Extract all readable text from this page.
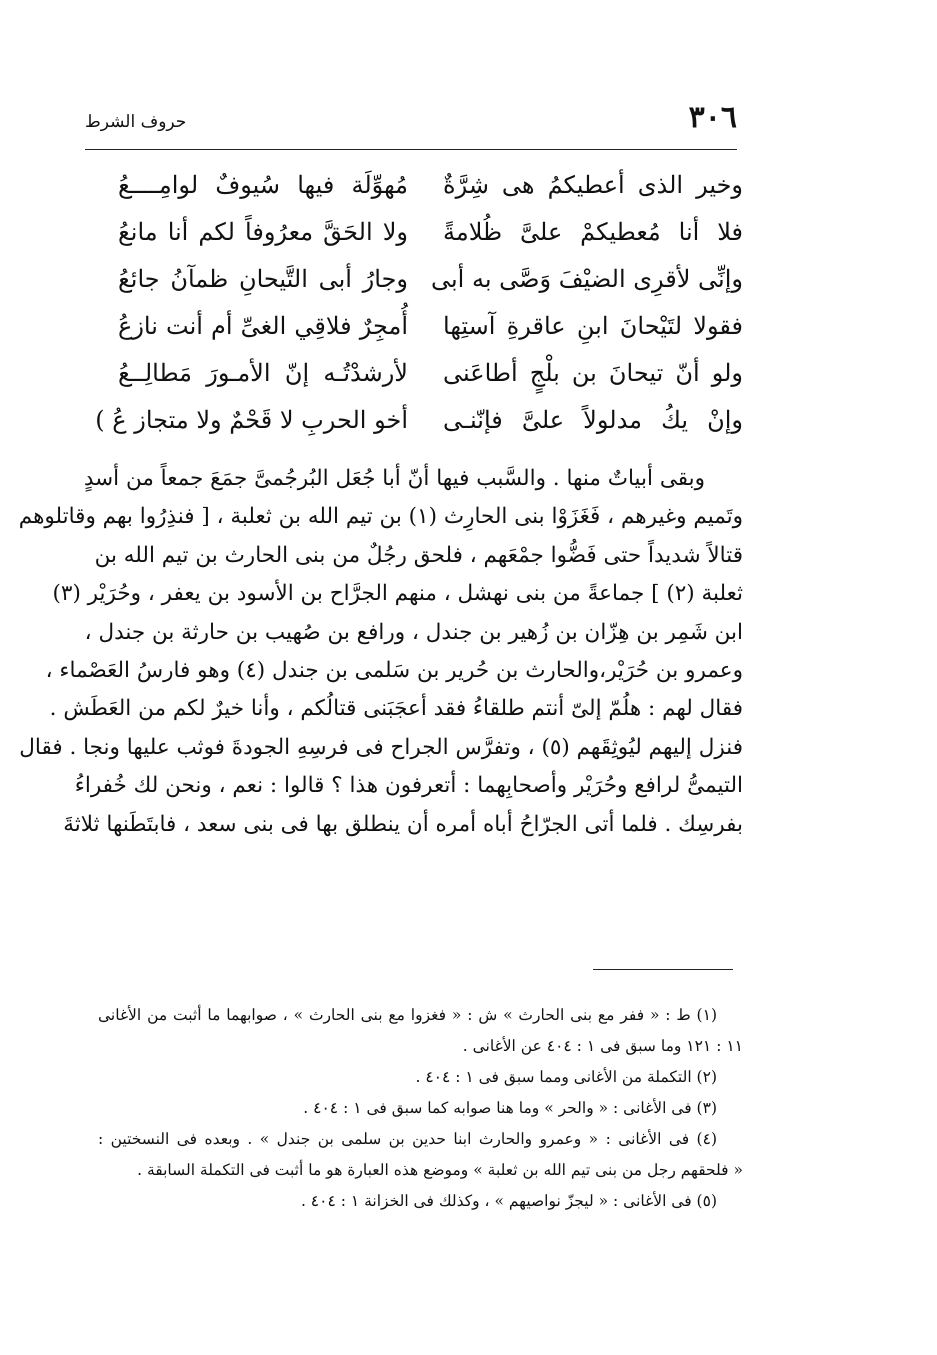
٣٠٦
حروف الشرط
وخير الذى أعطيكمُ هى شِرَّةٌ
مُهوِّلَة فيها سُيوفٌ لوامِــــعُ
فلا أنا مُعطيكمْ علىَّ ظُلامةً
ولا الحَقَّ معرُوفاً لكم أنا مانعُ
وإنِّى لأقرِى الضيْفَ وَصَّى به أبى
وجارُ أبى التَّيحانِ ظمآنُ جائعُ
فقولا لتَيْحانَ ابنِ عاقرةِ آستِها
أُمجِرٌ فلاقِي الغىِّ أم أنت نازعُ
ولو أنّ تيحانَ بن بلْجٍ أطاعَنى
لأرشدْتُـه إنّ الأمـورَ مَطالِــعُ
وإنْ يكُ مدلولاً علىَّ فإنّنـى
أخو الحربِ لا قَحْمٌ ولا متجاز عُ )
وبقى أبياتٌ منها . والسَّبب فيها أنّ أبا جُعَل البُرجُمىَّ جمَعَ جمعاً من أسدٍ
وتَميم وغيرهم ، فَغَزَوْا بنى الحارِث (١) بن تيم الله بن ثعلبة ، [ فنذِرُوا بهم وقاتلوهم
قتالاً شديداً حتى فَضُّوا جمْعَهم ، فلحق رجُلٌ من بنى الحارث بن تيم الله بن
ثعلبة (٢) ] جماعةً من بنى نهشل ، منهم الجرَّاح بن الأسود بن يعفر ، وحُرَيْر (٣)
ابن شَمِر بن هِزّان بن زُهير بن جندل ، ورافع بن صُهيب بن حارثة بن جندل ،
وعمرو بن حُرَيْر،والحارث بن حُرير بن سَلمى بن جندل (٤) وهو فارسُ العَصْماء ،
فقال لهم : هلُمّ إلىّ أنتم طلقاءُ فقد أعجَبَنى قتالُكم ، وأنا خيرٌ لكم من العَطَش .
فنزل إليهم ليُوثِقَهم (٥) ، وتفرَّس الجراح فى فرسِهِ الجودةَ فوثب عليها ونجا . فقال
التيمىُّ لرافع وحُرَيْر وأصحابِهما : أتعرفون هذا ؟ قالوا : نعم ، ونحن لك خُفراءُ
بفرسِك . فلما أتى الجرّاحُ أباه أمره أن ينطلق بها فى بنى سعد ، فابتَطَنها ثلاثةَ
(١) ط : « ففر مع بنى الحارث » ش : « فغزوا مع بنى الحارث » ، صوابهما ما أثبت من الأغانى
١١ : ١٢١ وما سبق فى ١ : ٤٠٤ عن الأغانى .
(٢) التكملة من الأغانى ومما سبق فى ١ : ٤٠٤ .
(٣) فى الأغانى : « والحر » وما هنا صوابه كما سبق فى ١ : ٤٠٤ .
(٤) فى الأغانى : « وعمرو والحارث ابنا حدين بن سلمى بن جندل » . وبعده فى النسختين :
« فلحقهم رجل من بنى تيم الله بن ثعلبة » وموضع هذه العبارة هو ما أثبت فى التكملة السابقة .
(٥) فى الأغانى : « ليجزّ نواصيهم » ، وكذلك فى الخزانة ١ : ٤٠٤ .
